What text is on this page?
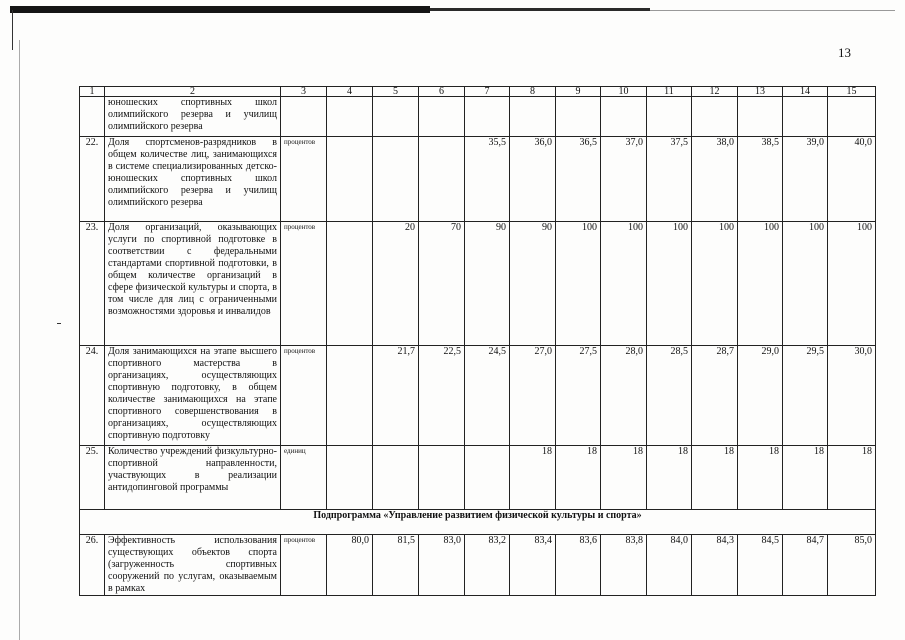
13
1	2	3	4	5	6	7	8	9	10	11	12	13	14	15
	юношеских спортивных школ олимпийского резерва и училищ олимпийского резерва													
22.	Доля спортсменов-разрядников в общем количестве лиц, занимающихся в системе специализированных детско-юношеских спортивных школ олимпийского резерва и училищ олимпийского резерва	процентов				35,5	36,0	36,5	37,0	37,5	38,0	38,5	39,0	40,0
23.	Доля организаций, оказывающих услуги по спортивной подготовке в соответствии с федеральными стандартами спортивной подготовки, в общем количестве организаций в сфере физической культуры и спорта, в том числе для лиц с ограниченными возможностями здоровья и инвалидов	процентов		20	70	90	90	100	100	100	100	100	100	100
24.	Доля занимающихся на этапе высшего спортивного мастерства в организациях, осуществляющих спортивную подготовку, в общем количестве занимающихся на этапе спортивного совершенствования в организациях, осуществляющих спортивную подготовку	процентов		21,7	22,5	24,5	27,0	27,5	28,0	28,5	28,7	29,0	29,5	30,0
25.	Количество учреждений физкультурно-спортивной направленности, участвующих в реализации антидопинговой программы	единиц					18	18	18	18	18	18	18	18
Подпрограмма «Управление развитием физической культуры и спорта»														
26.	Эффективность использования существующих объектов спорта (загруженность спортивных сооружений по услугам, оказываемым в рамках	процентов	80,0	81,5	83,0	83,2	83,4	83,6	83,8	84,0	84,3	84,5	84,7	85,0
